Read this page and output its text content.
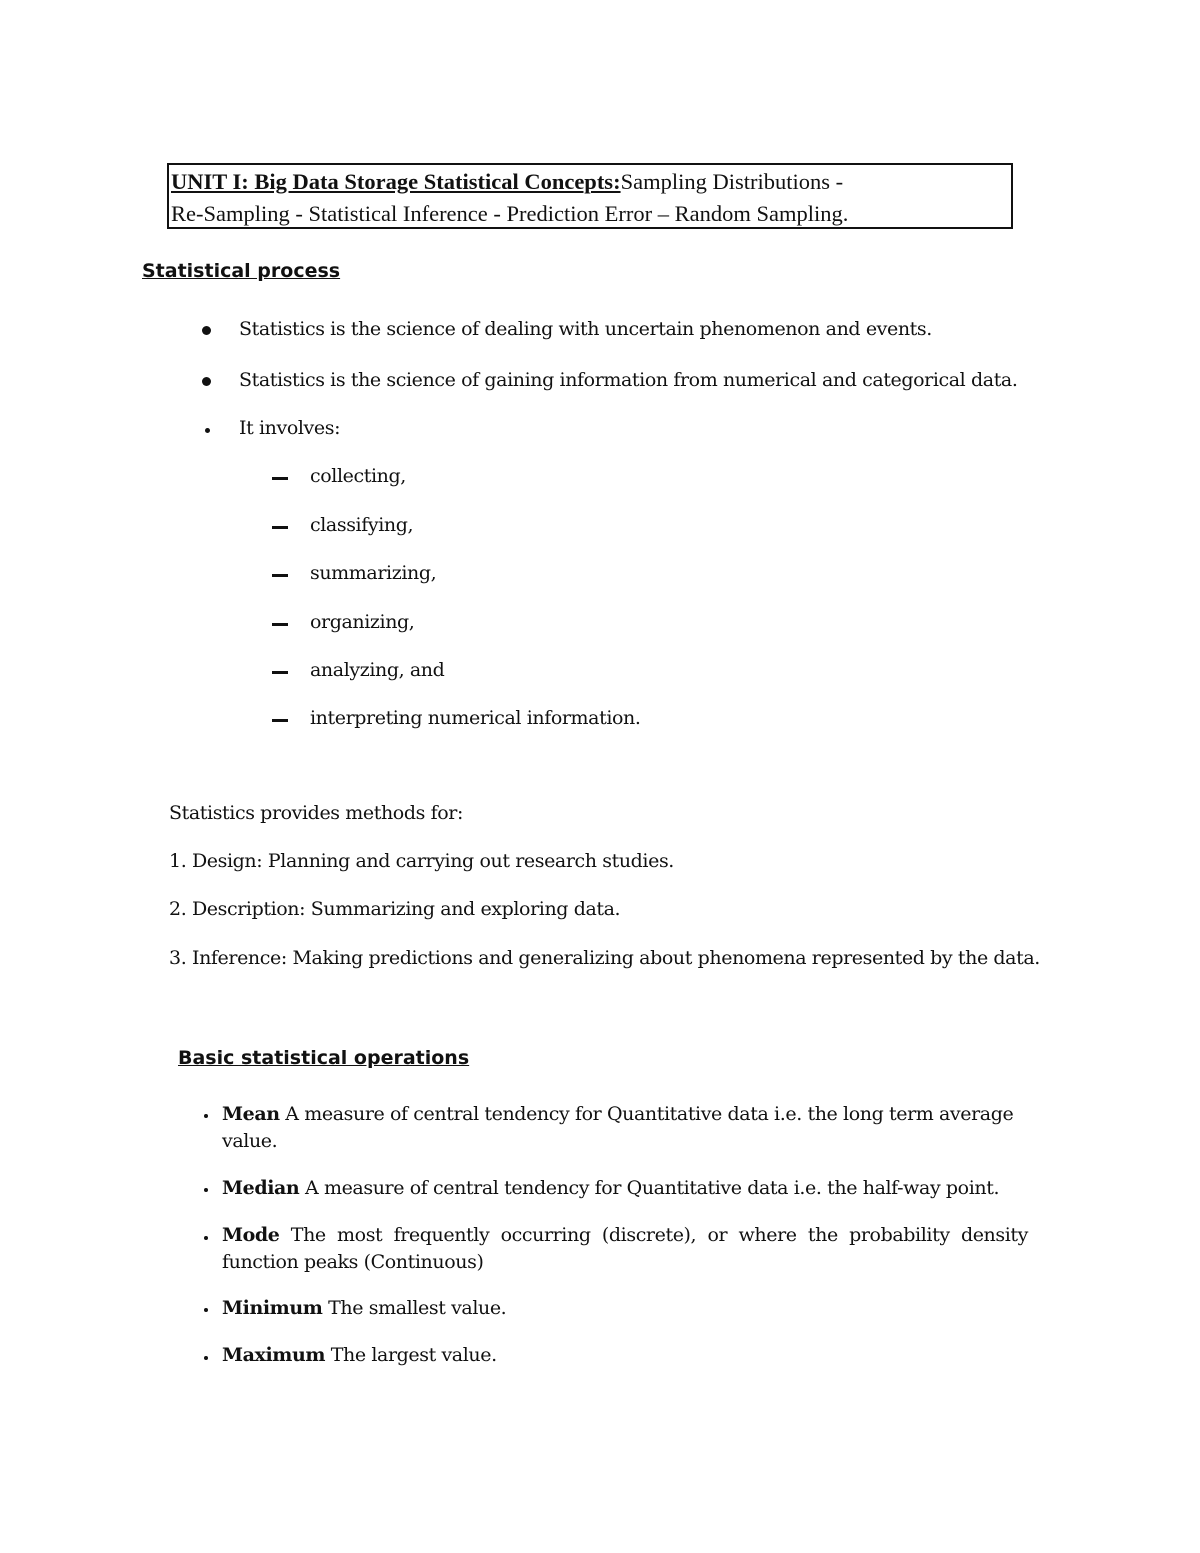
UNIT I: Big Data Storage Statistical Concepts:Sampling Distributions -
Re-Sampling - Statistical Inference - Prediction Error – Random Sampling.
Statistical process
Statistics is the science of dealing with uncertain phenomenon and events.
Statistics is the science of gaining information from numerical and categorical data.
It involves:
collecting,
classifying,
summarizing,
organizing,
analyzing, and
interpreting numerical information.
Statistics provides methods for:
1. Design: Planning and carrying out research studies.
2. Description: Summarizing and exploring data.
3. Inference: Making predictions and generalizing about phenomena represented by the data.
Basic statistical operations
Mean A measure of central tendency for Quantitative data i.e. the long term average value.
Median A measure of central tendency for Quantitative data i.e. the half-way point.
Mode The most frequently occurring (discrete), or where the probability density function peaks (Continuous)
Minimum The smallest value.
Maximum The largest value.
